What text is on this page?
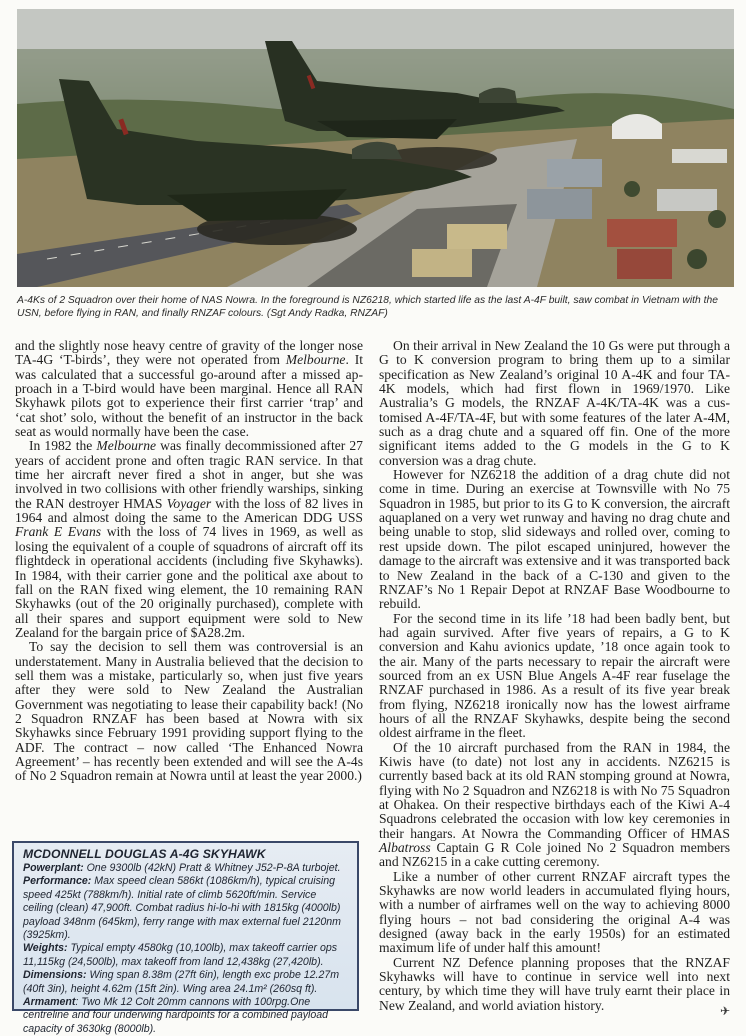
A-4Ks of 2 Squadron over their home of NAS Nowra. In the foreground is NZ6218, which started life as the last A-4F built, saw combat in Vietnam with the USN, before flying in RAN, and finally RNZAF colours. (Sgt Andy Radka, RNZAF)

and the slightly nose heavy centre of gravity of the longer nose TA-4G ‘T-birds’, they were not operated from Melbourne. It was calculated that a successful go-around after a missed approach in a T-bird would have been marginal. Hence all RAN Skyhawk pilots got to experience their first carrier ‘trap’ and ‘cat shot’ solo, without the benefit of an instructor in the back seat as would normally have been the case.

In 1982 the Melbourne was finally decommissioned after 27 years of accident prone and often tragic RAN service. In that time her aircraft never fired a shot in anger, but she was involved in two collisions with other friendly warships, sinking the RAN destroyer HMAS Voyager with the loss of 82 lives in 1964 and almost doing the same to the American DDG USS Frank E Evans with the loss of 74 lives in 1969, as well as losing the equivalent of a couple of squadrons of aircraft off its flightdeck in operational accidents (including five Skyhawks). In 1984, with their carrier gone and the political axe about to fall on the RAN fixed wing element, the 10 remaining RAN Skyhawks (out of the 20 originally purchased), complete with all their spares and support equipment were sold to New Zealand for the bargain price of $A28.2m.

To say the decision to sell them was controversial is an understatement. Many in Australia believed that the decision to sell them was a mistake, particularly so, when just five years after they were sold to New Zealand the Australian Government was negotiating to lease their capability back! (No 2 Squadron RNZAF has been based at Nowra with six Skyhawks since February 1991 providing support flying to the ADF. The contract – now called ‘The Enhanced Nowra Agreement’ – has recently been extended and will see the A-4s of No 2 Squadron remain at Nowra until at least the year 2000.)

MCDONNELL DOUGLAS A-4G SKYHAWK
Powerplant: One 9300lb (42kN) Pratt & Whitney J52-P-8A turbojet.
Performance: Max speed clean 586kt (1086km/h), typical cruising speed 425kt (788km/h). Initial rate of climb 5620ft/min. Service ceiling (clean) 47,900ft. Combat radius hi-lo-hi with 1815kg (4000lb) payload 348nm (645km), ferry range with max external fuel 2120nm (3925km).
Weights: Typical empty 4580kg (10,100lb), max takeoff carrier ops 11,115kg (24,500lb), max takeoff from land 12,438kg (27,420lb).
Dimensions: Wing span 8.38m (27ft 6in), length exc probe 12.27m (40ft 3in), height 4.62m (15ft 2in). Wing area 24.1m² (260sq ft).
Armament: Two Mk 12 Colt 20mm cannons with 100rpg.One centreline and four underwing hardpoints for a combined payload capacity of 3630kg (8000lb).

On their arrival in New Zealand the 10 Gs were put through a G to K conversion program to bring them up to a similar specification as New Zealand’s original 10 A-4K and four TA-4K models, which had first flown in 1969/1970. Like Australia’s G models, the RNZAF A-4K/TA-4K was a customised A-4F/TA-4F, but with some features of the later A-4M, such as a drag chute and a squared off fin. One of the more significant items added to the G models in the G to K conversion was a drag chute.

However for NZ6218 the addition of a drag chute did not come in time. During an exercise at Townsville with No 75 Squadron in 1985, but prior to its G to K conversion, the aircraft aquaplaned on a very wet runway and having no drag chute and being unable to stop, slid sideways and rolled over, coming to rest upside down. The pilot escaped uninjured, however the damage to the aircraft was extensive and it was transported back to New Zealand in the back of a C-130 and given to the RNZAF’s No 1 Repair Depot at RNZAF Base Woodbourne to rebuild.

For the second time in its life ’18 had been badly bent, but had again survived. After five years of repairs, a G to K conversion and Kahu avionics update, ’18 once again took to the air. Many of the parts necessary to repair the aircraft were sourced from an ex USN Blue Angels A-4F rear fuselage the RNZAF purchased in 1986. As a result of its five year break from flying, NZ6218 ironically now has the lowest airframe hours of all the RNZAF Skyhawks, despite being the second oldest airframe in the fleet.

Of the 10 aircraft purchased from the RAN in 1984, the Kiwis have (to date) not lost any in accidents. NZ6215 is currently based back at its old RAN stomping ground at Nowra, flying with No 2 Squadron and NZ6218 is with No 75 Squadron at Ohakea. On their respective birthdays each of the Kiwi A-4 Squadrons celebrated the occasion with low key ceremonies in their hangars. At Nowra the Commanding Officer of HMAS Albatross Captain G R Cole joined No 2 Squadron members and NZ6215 in a cake cutting ceremony.

Like a number of other current RNZAF aircraft types the Skyhawks are now world leaders in accumulated flying hours, with a number of airframes well on the way to achieving 8000 flying hours – not bad considering the original A-4 was designed (away back in the early 1950s) for an estimated maximum life of under half this amount!

Current NZ Defence planning proposes that the RNZAF Skyhawks will have to continue in service well into next century, by which time they will have truly earnt their place in New Zealand, and world aviation history.	✈
